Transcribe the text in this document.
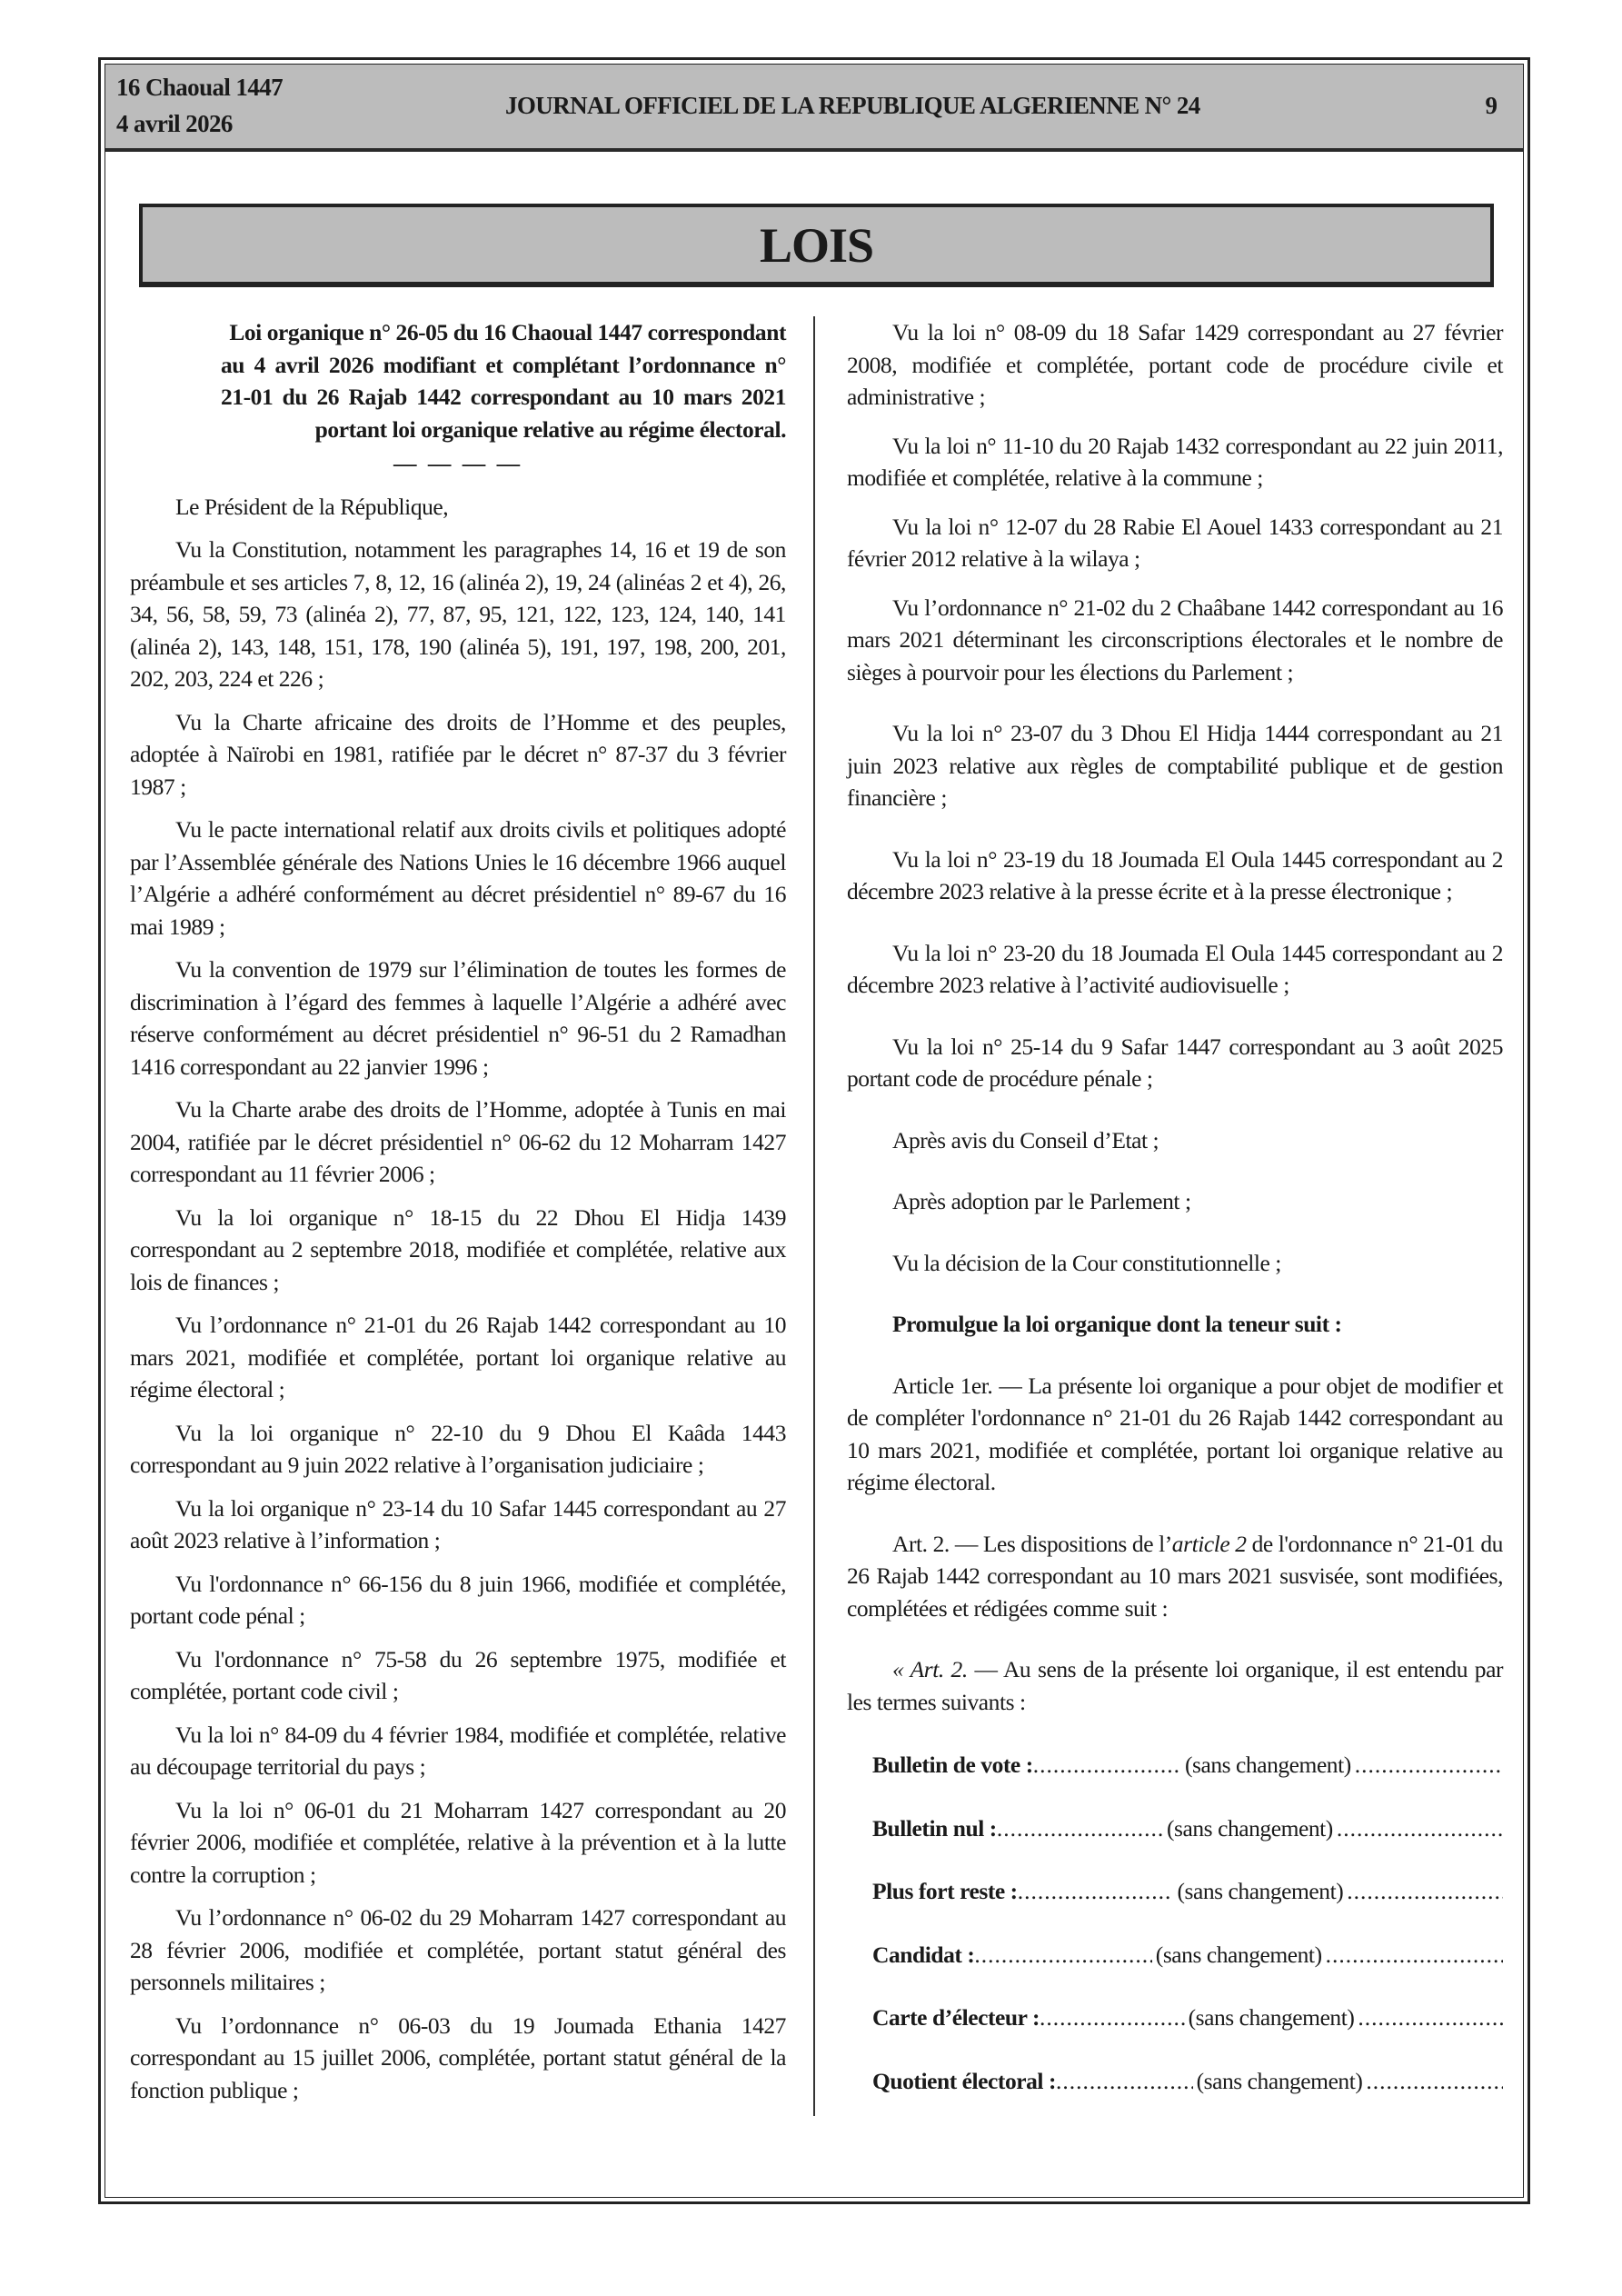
16 Chaoual 1447
4 avril 2026
JOURNAL OFFICIEL DE LA REPUBLIQUE ALGERIENNE N° 24	9
LOIS
Loi organique n° 26-05 du 16 Chaoual 1447 correspondant
au 4 avril 2026 modifiant et complétant l’ordonnance n° 21-01 du 26 Rajab 1442 correspondant au 10 mars 2021 portant loi organique relative au régime électoral.
— — — —

Le Président de la République,

Vu la Constitution, notamment les paragraphes 14, 16 et 19 de son préambule et ses articles 7, 8, 12, 16 (alinéa 2), 19, 24 (alinéas 2 et 4), 26, 34, 56, 58, 59, 73 (alinéa 2), 77, 87, 95, 121, 122, 123, 124, 140, 141 (alinéa 2), 143, 148, 151, 178, 190 (alinéa 5), 191, 197, 198, 200, 201, 202, 203, 224 et 226 ;

Vu la Charte africaine des droits de l’Homme et des peuples, adoptée à Naïrobi en 1981, ratifiée par le décret n° 87-37 du 3 février 1987 ;

Vu le pacte international relatif aux droits civils et politiques adopté par l’Assemblée générale des Nations Unies le 16 décembre 1966 auquel l’Algérie a adhéré conformément au décret présidentiel n° 89-67 du 16 mai 1989 ;

Vu la convention de 1979 sur l’élimination de toutes les formes de discrimination à l’égard des femmes à laquelle l’Algérie a adhéré avec réserve conformément au décret présidentiel n° 96-51 du 2 Ramadhan 1416 correspondant au 22 janvier 1996 ;

Vu la Charte arabe des droits de l’Homme, adoptée à Tunis en mai 2004, ratifiée par le décret présidentiel n° 06-62 du 12 Moharram 1427 correspondant au 11 février 2006 ;

Vu la loi organique n° 18-15 du 22 Dhou El Hidja 1439 correspondant au 2 septembre 2018, modifiée et complétée, relative aux lois de finances ;

Vu l’ordonnance n° 21-01 du 26 Rajab 1442 correspondant au 10 mars 2021, modifiée et complétée, portant loi organique relative au régime électoral ;

Vu la loi organique n° 22-10 du 9 Dhou El Kaâda 1443 correspondant au 9 juin 2022 relative à l’organisation judiciaire ;

Vu la loi organique n° 23-14 du 10 Safar 1445 correspondant au 27 août 2023 relative à l’information ;

Vu l'ordonnance n° 66-156 du 8 juin 1966, modifiée et complétée, portant code pénal ;

Vu l'ordonnance n° 75-58 du 26 septembre 1975, modifiée et complétée, portant code civil ;

Vu la loi n° 84-09 du 4 février 1984, modifiée et complétée, relative au découpage territorial du pays ;

Vu la loi n° 06-01 du 21 Moharram 1427 correspondant au 20 février 2006, modifiée et complétée, relative à la prévention et à la lutte contre la corruption ;

Vu l’ordonnance n° 06-02 du 29 Moharram 1427 correspondant au 28 février 2006, modifiée et complétée, portant statut général des personnels militaires ;

Vu l’ordonnance n° 06-03 du 19 Joumada Ethania 1427 correspondant au 15 juillet 2006, complétée, portant statut général de la fonction publique ;

Vu la loi n° 08-09 du 18 Safar 1429 correspondant au 27 février 2008, modifiée et complétée, portant code de procédure civile et administrative ;

Vu la loi n° 11-10 du 20 Rajab 1432 correspondant au 22 juin 2011, modifiée et complétée, relative à la commune ;

Vu la loi n° 12-07 du 28 Rabie El Aouel 1433 correspondant au 21 février 2012 relative à la wilaya ;

Vu l’ordonnance n° 21-02 du 2 Chaâbane 1442 correspondant au 16 mars 2021 déterminant les circonscriptions électorales et le nombre de sièges à pourvoir pour les élections du Parlement ;

Vu la loi n° 23-07 du 3 Dhou El Hidja 1444 correspondant au 21 juin 2023 relative aux règles de comptabilité publique et de gestion financière ;

Vu la loi n° 23-19 du 18 Joumada El Oula 1445 correspondant au 2 décembre 2023 relative à la presse écrite et à la presse électronique ;

Vu la loi n° 23-20 du 18 Joumada El Oula 1445 correspondant au 2 décembre 2023 relative à l’activité audiovisuelle ;

Vu la loi n° 25-14 du 9 Safar 1447 correspondant au 3 août 2025 portant code de procédure pénale ;

Après avis du Conseil d’Etat ;

Après adoption par le Parlement ;

Vu la décision de la Cour constitutionnelle ;

Promulgue la loi organique dont la teneur suit :

Article 1er. — La présente loi organique a pour objet de modifier et de compléter l'ordonnance n° 21-01 du 26 Rajab 1442 correspondant au 10 mars 2021, modifiée et complétée, portant loi organique relative au régime électoral.

Art. 2. — Les dispositions de l’article 2 de l'ordonnance n° 21-01 du 26 Rajab 1442 correspondant au 10 mars 2021 susvisée, sont modifiées, complétées et rédigées comme suit :

« Art. 2. — Au sens de la présente loi organique, il est entendu par les termes suivants :

Bulletin de vote : .....	(sans changement)
.....
Bulletin nul : .....	(sans changement)
.....
Plus fort reste : .....	(sans changement)
.....
Candidat : .....	(sans changement)
.....
Carte d’électeur : .....	(sans changement)
.....
Quotient électoral : .....	(sans changement)
.....
